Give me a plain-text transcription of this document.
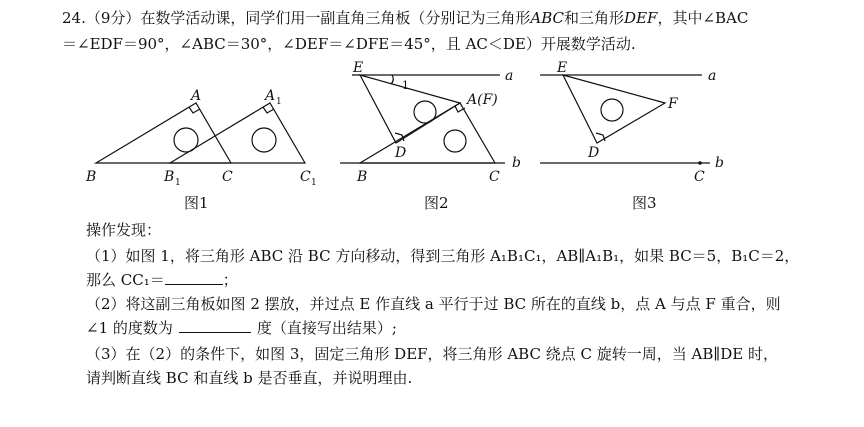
24.（9分）在数学活动课，同学们用一副直角三角板（分别记为三角形ABC和三角形DEF，其中∠BAC
＝∠EDF＝90°，∠ABC＝30°，∠DEF＝∠DFE＝45°，且 AC＜DE）开展数学活动.
A	A 1
B	B 1	C	C 1
E
1
a
A(F)
D
b
B	C
E	a
F
D
C
b
图1	图2	图3
操作发现：
（1）如图 1，将三角形 ABC 沿 BC 方向移动，得到三角形 A₁B₁C₁，AB∥A₁B₁，如果 BC＝5，B₁C＝2，
那么 CC₁＝	；
（2）将这副三角板如图 2 摆放，并过点 E 作直线 a 平行于过 BC 所在的直线 b，点 A 与点 F 重合，则
∠1 的度数为	度（直接写出结果）;
（3）在（2）的条件下，如图 3，固定三角形 DEF，将三角形 ABC 绕点 C 旋转一周，当 AB∥DE 时，
请判断直线 BC 和直线 b 是否垂直，并说明理由.
